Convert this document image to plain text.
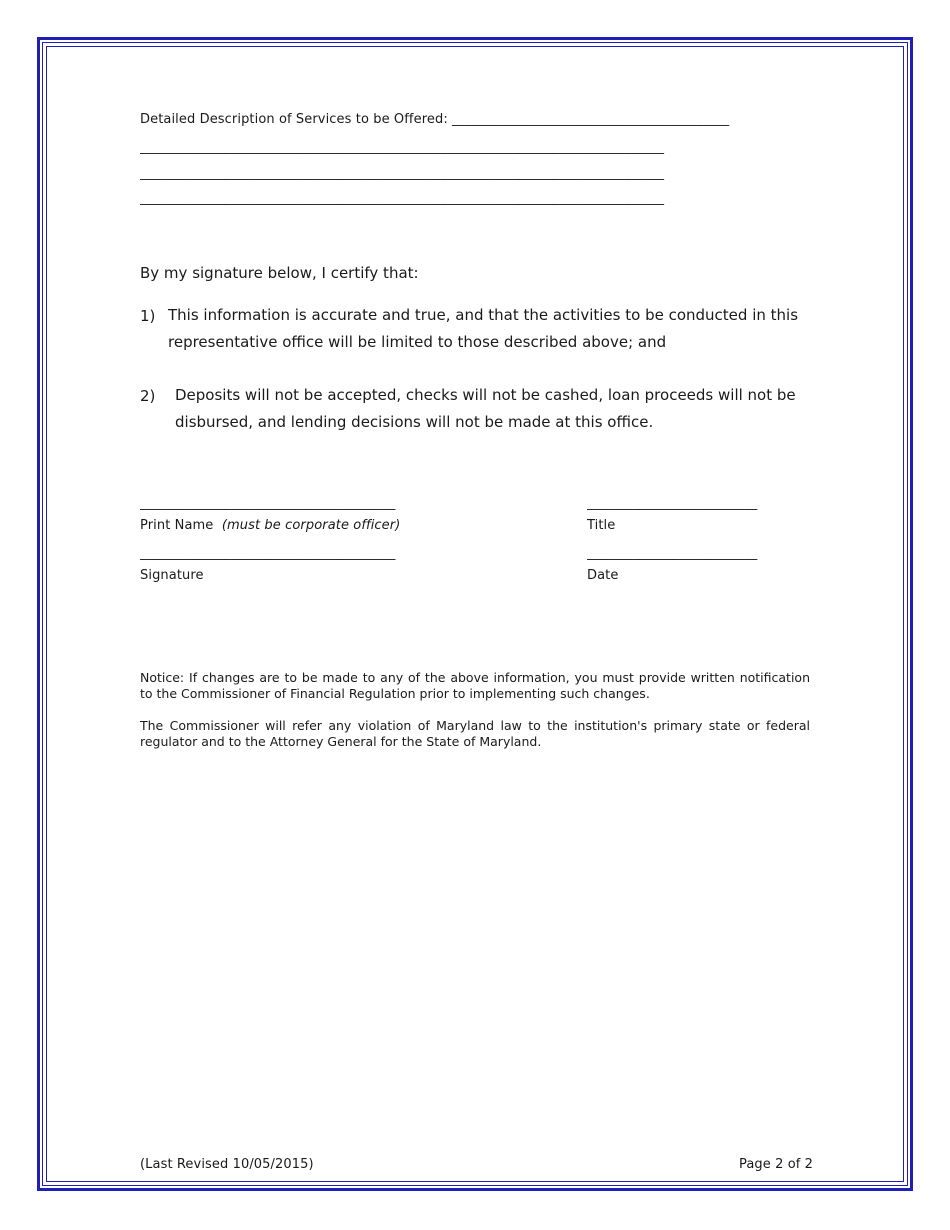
Detailed Description of Services to be Offered: __________________________________________
________________________________________________________________________________
________________________________________________________________________________
________________________________________________________________________________
By my signature below, I certify that:
1) This information is accurate and true, and that the activities to be conducted in this representative office will be limited to those described above; and
2) Deposits will not be accepted, checks will not be cashed, loan proceeds will not be disbursed, and lending decisions will not be made at this office.
_______________________________________	__________________________
Print Name (must be corporate officer)	Title
_______________________________________	__________________________
Signature	Date
Notice: If changes are to be made to any of the above information, you must provide written notification to the Commissioner of Financial Regulation prior to implementing such changes.
The Commissioner will refer any violation of Maryland law to the institution's primary state or federal regulator and to the Attorney General for the State of Maryland.
(Last Revised 10/05/2015)	Page 2 of 2
